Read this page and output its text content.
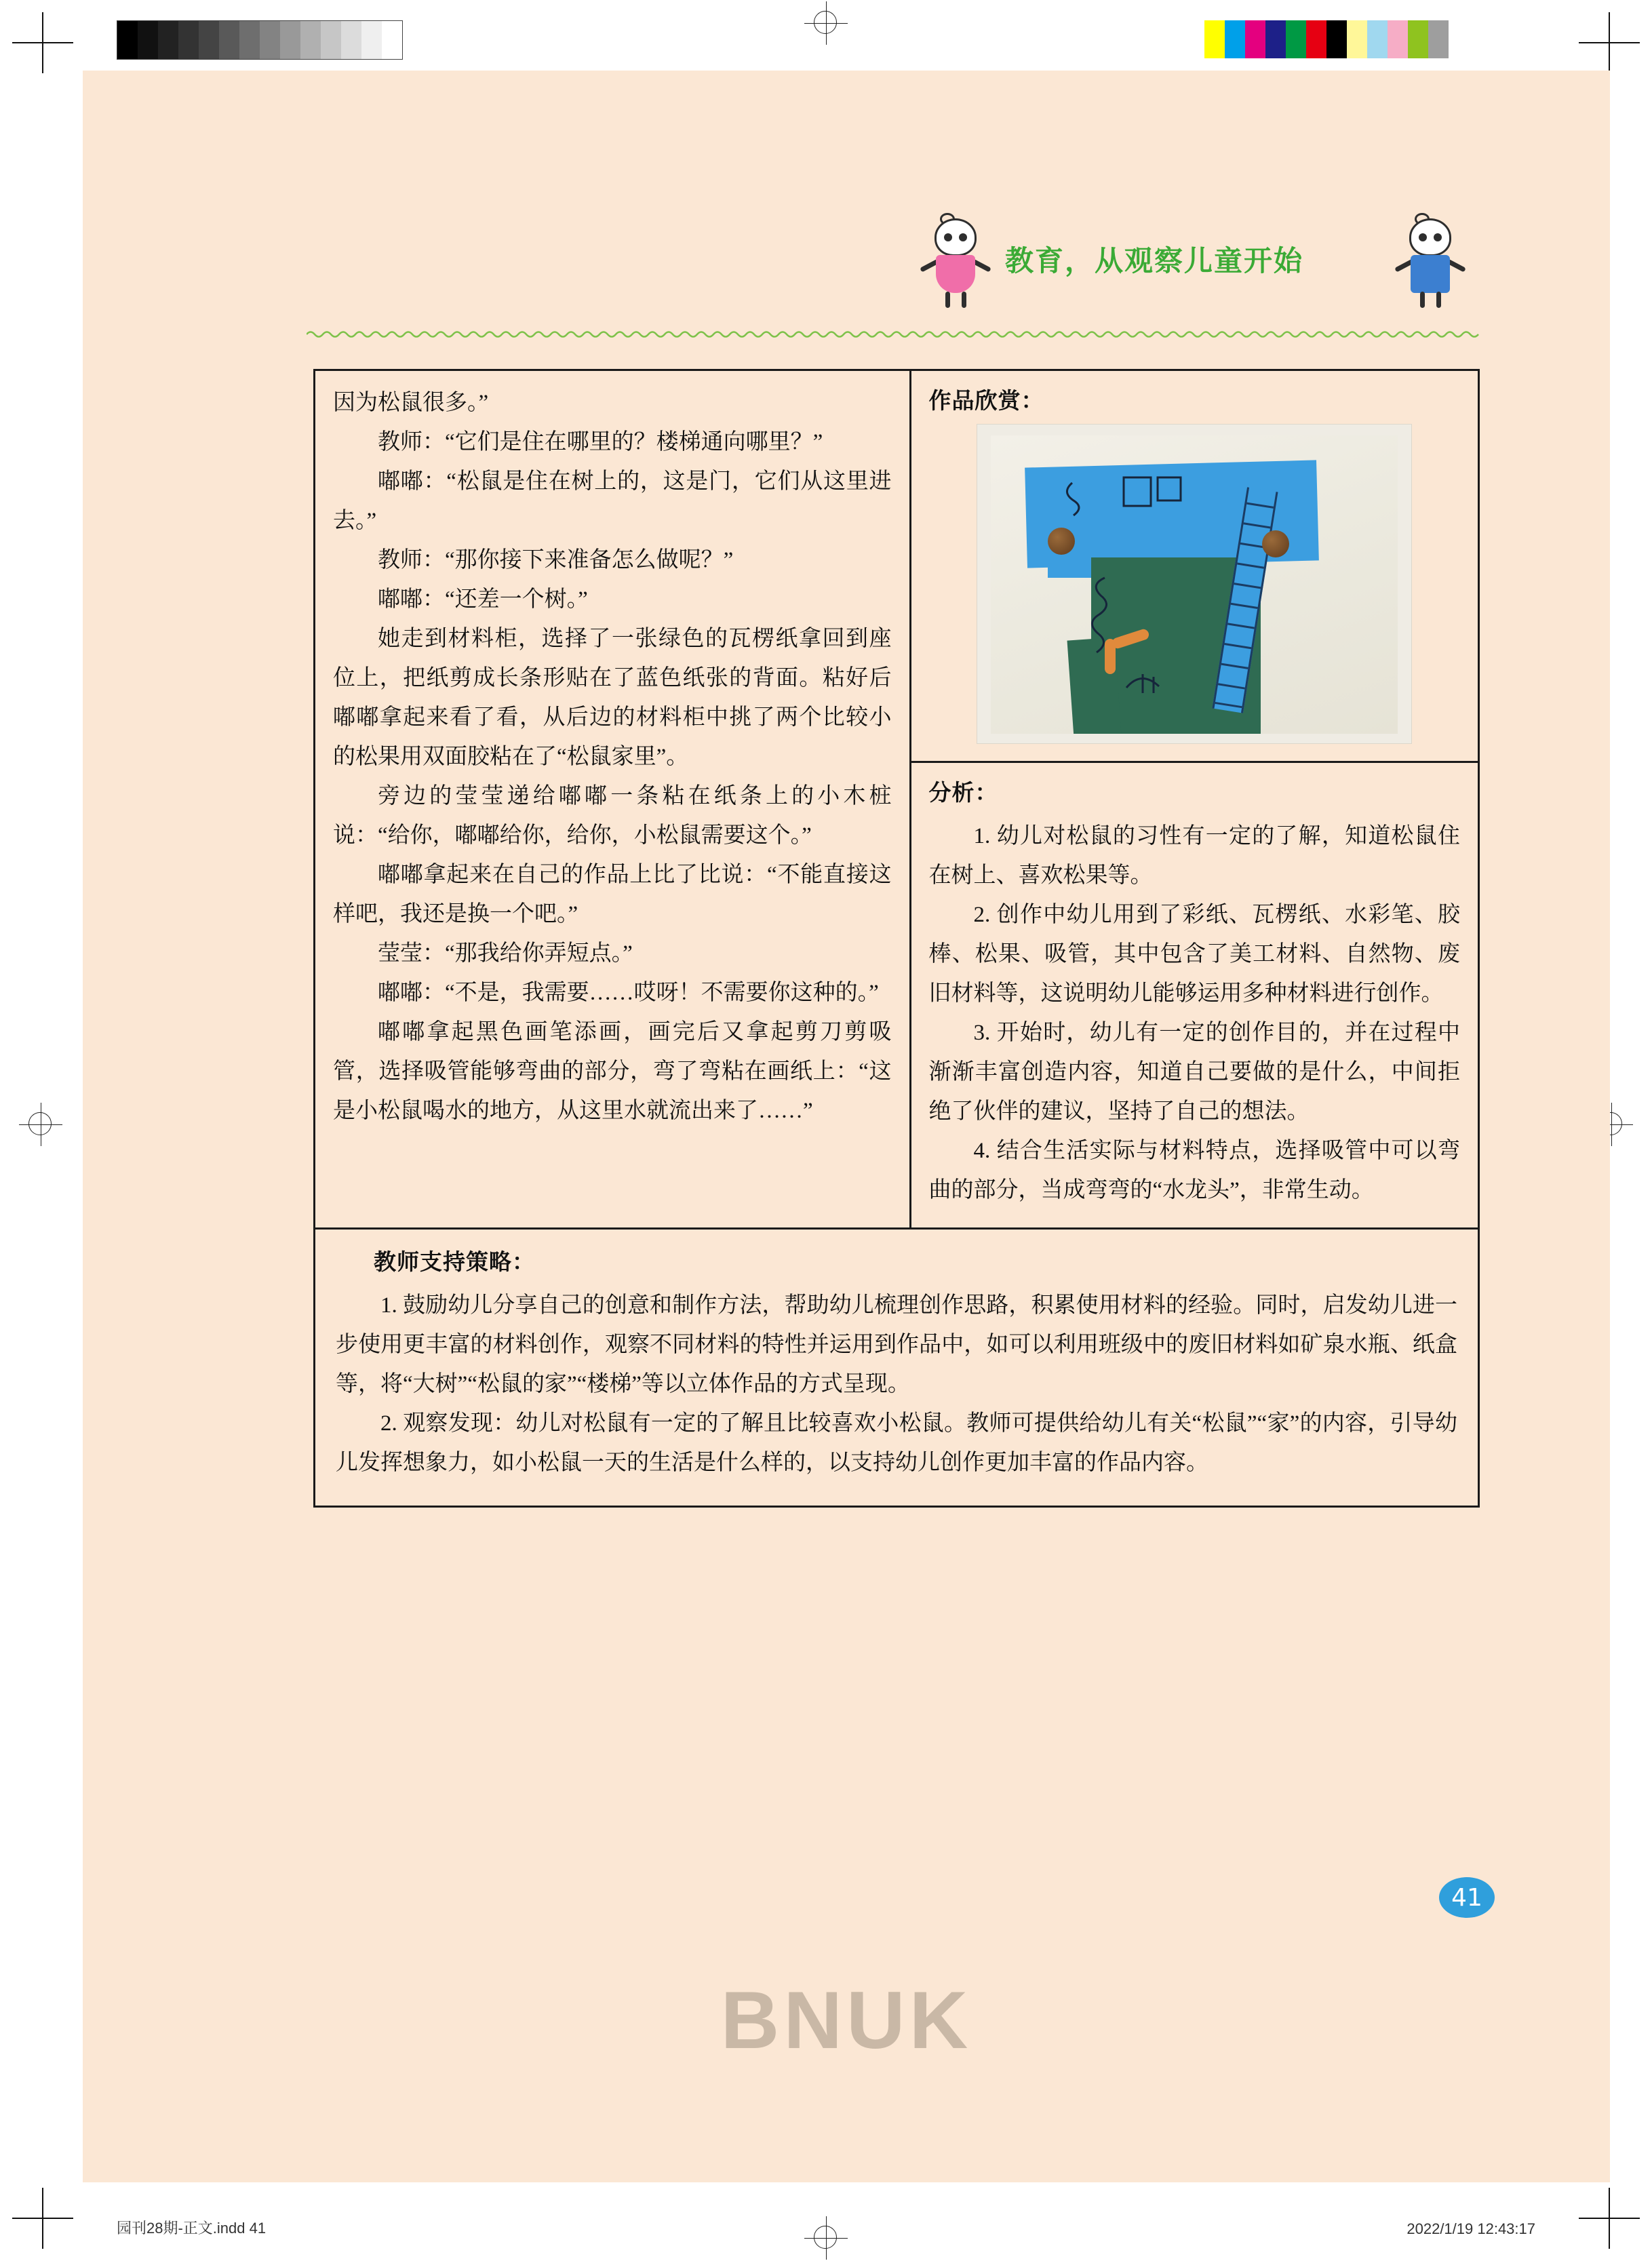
教育，从观察儿童开始

因为松鼠很多。”

教师：“它们是住在哪里的？楼梯通向哪里？”

嘟嘟：“松鼠是住在树上的，这是门，它们从这里进去。”

教师：“那你接下来准备怎么做呢？”

嘟嘟：“还差一个树。”

她走到材料柜，选择了一张绿色的瓦楞纸拿回到座位上，把纸剪成长条形贴在了蓝色纸张的背面。粘好后嘟嘟拿起来看了看，从后边的材料柜中挑了两个比较小的松果用双面胶粘在了“松鼠家里”。

旁边的莹莹递给嘟嘟一条粘在纸条上的小木桩说：“给你，嘟嘟给你，给你，小松鼠需要这个。”

嘟嘟拿起来在自己的作品上比了比说：“不能直接这样吧，我还是换一个吧。”

莹莹：“那我给你弄短点。”

嘟嘟：“不是，我需要……哎呀！不需要你这种的。”

嘟嘟拿起黑色画笔添画，画完后又拿起剪刀剪吸管，选择吸管能够弯曲的部分，弯了弯粘在画纸上：“这是小松鼠喝水的地方，从这里水就流出来了……”

作品欣赏：
分析：

1. 幼儿对松鼠的习性有一定的了解，知道松鼠住在树上、喜欢松果等。

2. 创作中幼儿用到了彩纸、瓦楞纸、水彩笔、胶棒、松果、吸管，其中包含了美工材料、自然物、废旧材料等，这说明幼儿能够运用多种材料进行创作。

3. 开始时，幼儿有一定的创作目的，并在过程中渐渐丰富创造内容，知道自己要做的是什么，中间拒绝了伙伴的建议，坚持了自己的想法。

4. 结合生活实际与材料特点，选择吸管中可以弯曲的部分，当成弯弯的“水龙头”，非常生动。

教师支持策略：

1. 鼓励幼儿分享自己的创意和制作方法，帮助幼儿梳理创作思路，积累使用材料的经验。同时，启发幼儿进一步使用更丰富的材料创作，观察不同材料的特性并运用到作品中，如可以利用班级中的废旧材料如矿泉水瓶、纸盒等，将“大树”“松鼠的家”“楼梯”等以立体作品的方式呈现。

2. 观察发现：幼儿对松鼠有一定的了解且比较喜欢小松鼠。教师可提供给幼儿有关“松鼠”“家”的内容，引导幼儿发挥想象力，如小松鼠一天的生活是什么样的，以支持幼儿创作更加丰富的作品内容。

41
BNUK
园刊28期-正文.indd 41	2022/1/19 12:43:17
